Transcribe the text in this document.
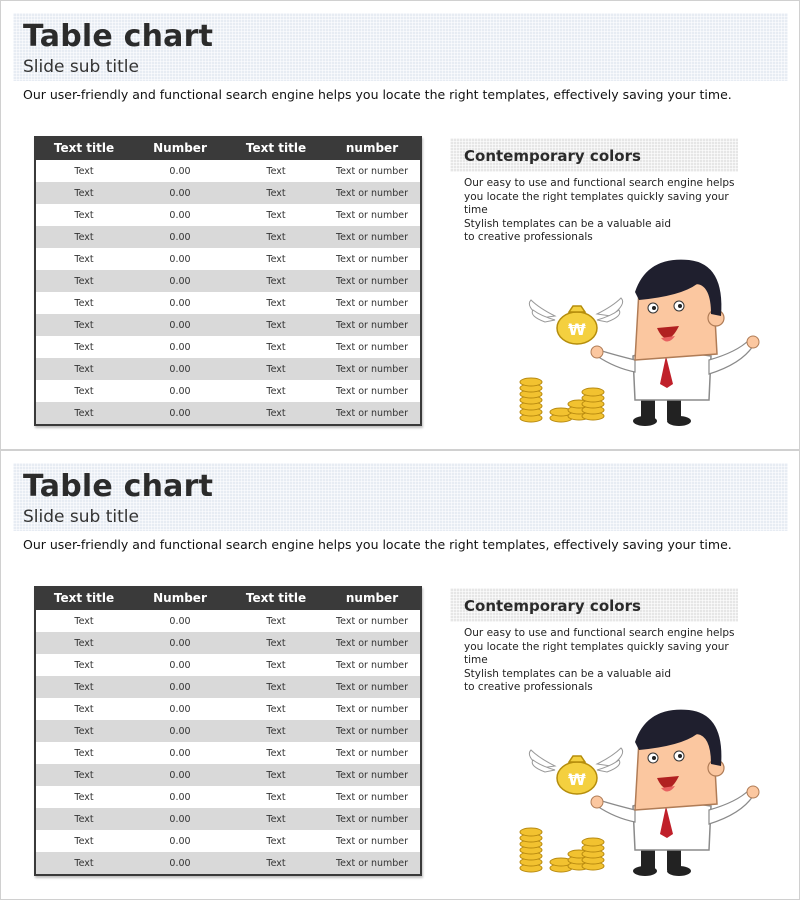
Table chart
Slide sub title

Our user-friendly and functional search engine helps you locate the right templates, effectively saving your time.

Text title	Number	Text title	number
Text	0.00	Text	Text or number
Text	0.00	Text	Text or number
Text	0.00	Text	Text or number
Text	0.00	Text	Text or number
Text	0.00	Text	Text or number
Text	0.00	Text	Text or number
Text	0.00	Text	Text or number
Text	0.00	Text	Text or number
Text	0.00	Text	Text or number
Text	0.00	Text	Text or number
Text	0.00	Text	Text or number
Text	0.00	Text	Text or number
Contemporary colors
Our easy to use and functional search engine helps
you locate the right templates quickly saving your
time
Stylish templates can be a valuable aid
to creative professionals
₩
Table chart
Slide sub title

Our user-friendly and functional search engine helps you locate the right templates, effectively saving your time.

Text title	Number	Text title	number
Text	0.00	Text	Text or number
Text	0.00	Text	Text or number
Text	0.00	Text	Text or number
Text	0.00	Text	Text or number
Text	0.00	Text	Text or number
Text	0.00	Text	Text or number
Text	0.00	Text	Text or number
Text	0.00	Text	Text or number
Text	0.00	Text	Text or number
Text	0.00	Text	Text or number
Text	0.00	Text	Text or number
Text	0.00	Text	Text or number
Contemporary colors
Our easy to use and functional search engine helps
you locate the right templates quickly saving your
time
Stylish templates can be a valuable aid
to creative professionals
₩
